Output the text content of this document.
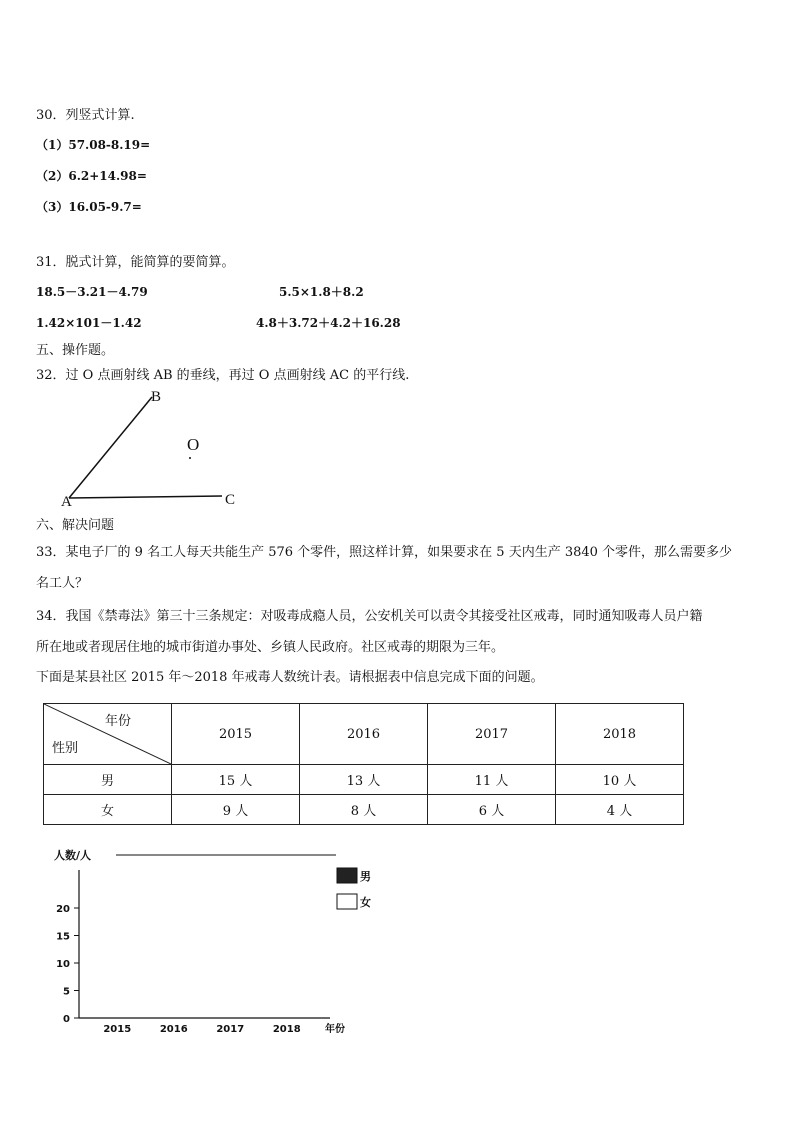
30．列竖式计算.
（1）57.08-8.19=
（2）6.2+14.98=
（3）16.05-9.7=
31．脱式计算，能简算的要简算。
18.5－3.21－4.79	5.5×1.8＋8.2
1.42×101－1.42	4.8＋3.72＋4.2＋16.28
五、操作题。
32．过 O 点画射线 AB 的垂线，再过 O 点画射线 AC 的平行线.
B
O
A	C
六、解决问题
33．某电子厂的 9 名工人每天共能生产 576 个零件，照这样计算，如果要求在 5 天内生产 3840 个零件，那么需要多少
名工人？
34．我国《禁毒法》第三十三条规定：对吸毒成瘾人员，公安机关可以责令其接受社区戒毒，同时通知吸毒人员户籍
所在地或者现居住地的城市街道办事处、乡镇人民政府。社区戒毒的期限为三年。
下面是某县社区 2015 年～2018 年戒毒人数统计表。请根据表中信息完成下面的问题。
年份
性别	2015	2016	2017	2018
男	15 人	13 人	11 人	10 人
女	9 人	8 人	6 人	4 人
人数/人
年份
0
5
10
15
20
2015	2016	2017	2018
男
女
